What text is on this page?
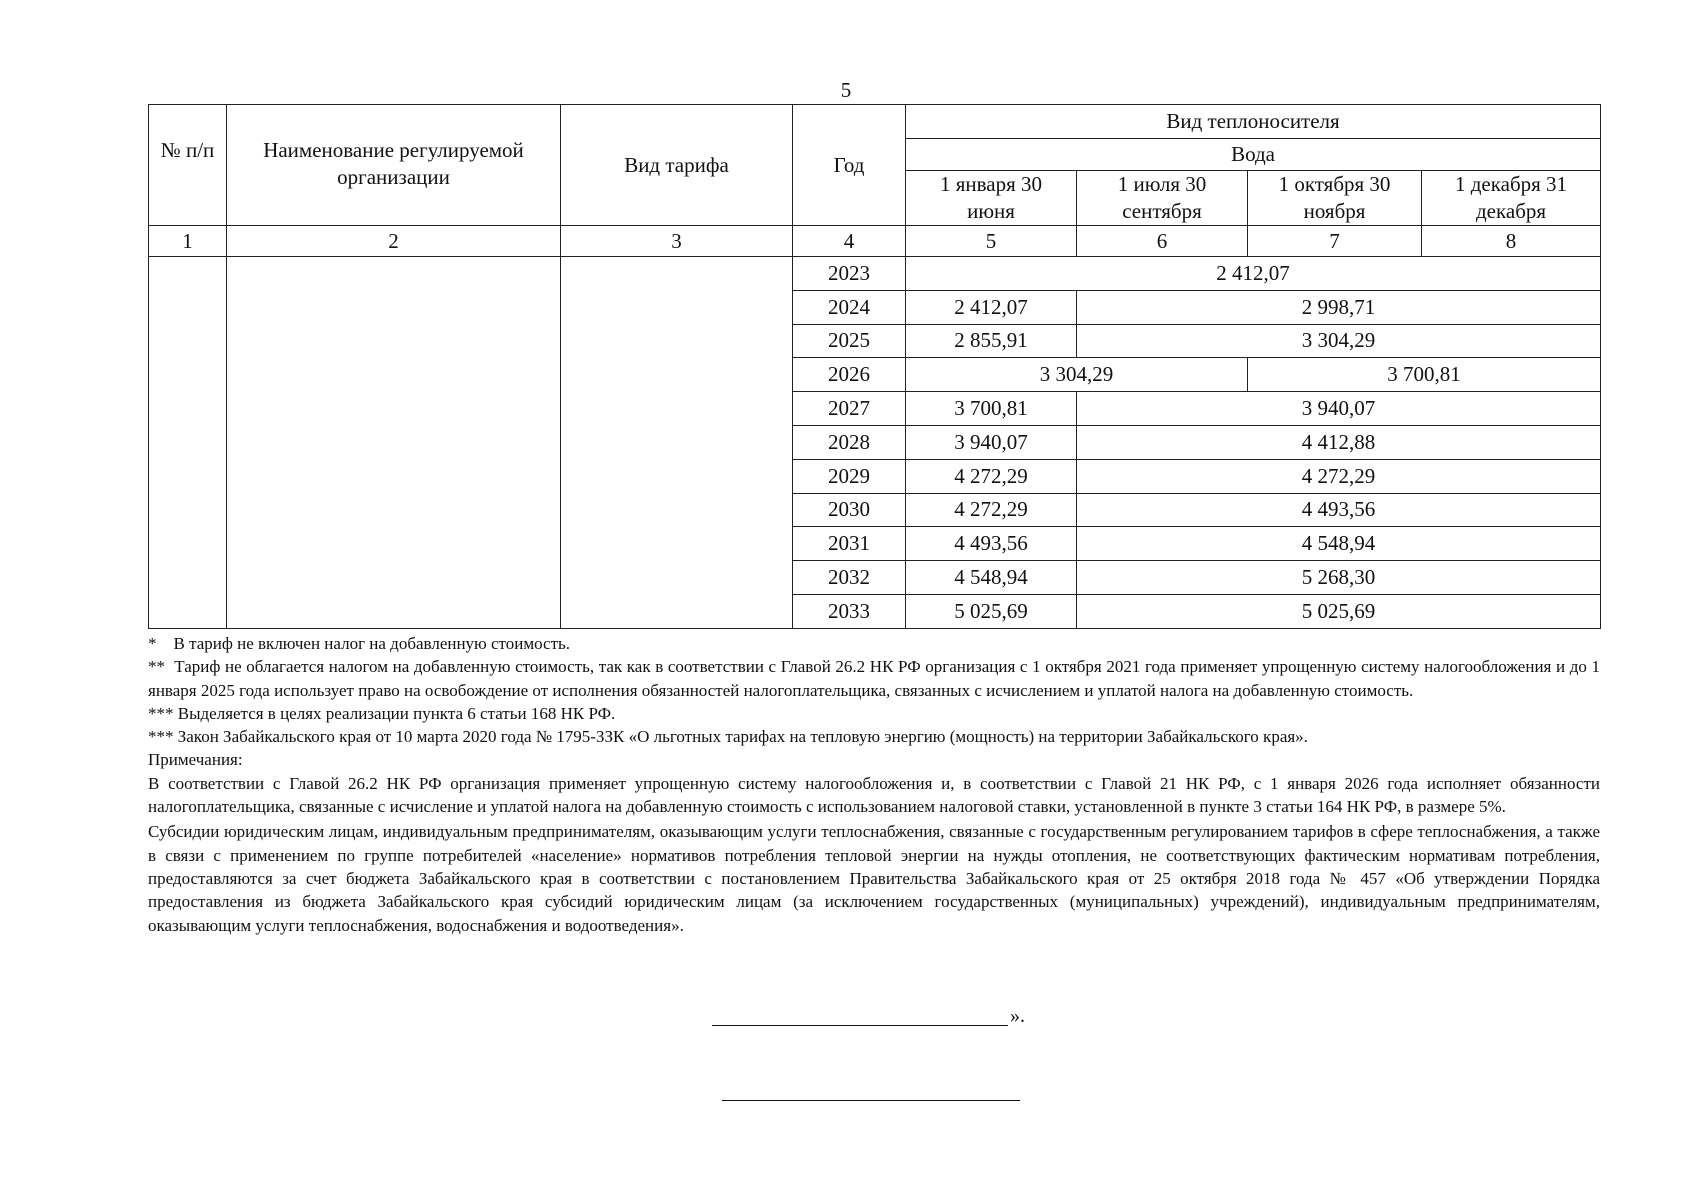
5
№ п/п	Наименование регулируемой организации	Вид тарифа	Год	Вид теплоносителя			
				Вода			
				1 января 30 июня	1 июля 30 сентября	1 октября 30 ноября	1 декабря 31 декабря
1	2	3	4	5	6	7	8
			2023	2 412,07			
			2024	2 412,07	2 998,71		
			2025	2 855,91	3 304,29		
			2026	3 304,29		3 700,81	
			2027	3 700,81	3 940,07		
			2028	3 940,07	4 412,88		
			2029	4 272,29	4 272,29		
			2030	4 272,29	4 493,56		
			2031	4 493,56	4 548,94		
			2032	4 548,94	5 268,30		
			2033	5 025,69	5 025,69		

*    В тариф не включен налог на добавленную стоимость.

**  Тариф не облагается налогом на добавленную стоимость, так как в соответствии с Главой 26.2 НК РФ организация с 1 октября 2021 года применяет упрощенную систему налогообложения и до 1 января 2025 года использует право на освобождение от исполнения обязанностей налогоплательщика, связанных с исчислением и уплатой налога на добавленную стоимость.

*** Выделяется в целях реализации пункта 6 статьи 168 НК РФ.

*** Закон Забайкальского края от 10 марта 2020 года № 1795-ЗЗК «О льготных тарифах на тепловую энергию (мощность) на территории Забайкальского края».

Примечания:

В соответствии с Главой 26.2 НК РФ организация применяет упрощенную систему налогообложения и, в соответствии с Главой 21 НК РФ, с 1 января 2026 года исполняет обязанности налогоплательщика, связанные с исчисление и уплатой налога на добавленную стоимость с использованием налоговой ставки, установленной в пункте 3 статьи 164 НК РФ, в размере 5%.

Субсидии юридическим лицам, индивидуальным предпринимателям, оказывающим услуги теплоснабжения, связанные с государственным регулированием тарифов в сфере теплоснабжения, а также в связи с применением по группе потребителей «население» нормативов потребления тепловой энергии на нужды отопления, не соответствующих фактическим нормативам потребления, предоставляются за счет бюджета Забайкальского края в соответствии с постановлением Правительства Забайкальского края от 25 октября 2018 года № 457 «Об утверждении Порядка предоставления из бюджета Забайкальского края субсидий юридическим лицам (за исключением государственных (муниципальных) учреждений), индивидуальным предпринимателям, оказывающим услуги теплоснабжения, водоснабжения и водоотведения».

».
